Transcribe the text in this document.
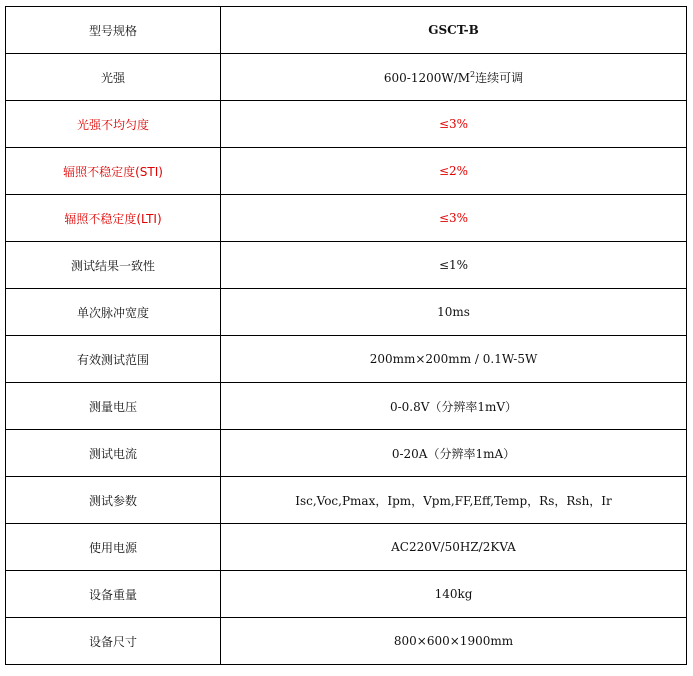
型号规格	GSCT-B
光强	$600-1200W/M^2$连续可调
光强不均匀度	≤3%
辐照不稳定度(STI)	≤2%
辐照不稳定度(LTI)	≤3%
测试结果一致性	≤1%
单次脉冲宽度	10ms
有效测试范围	200mm×200mm / 0.1W-5W
测量电压	0-0.8V（分辨率1mV）
测试电流	0-20A（分辨率1mA）
测试参数	Isc,Voc,Pmax，Ipm，Vpm,FF,Eff,Temp，Rs，Rsh，Ir
使用电源	AC220V/50HZ/2KVA
设备重量	140kg
设备尺寸	800×600×1900mm
